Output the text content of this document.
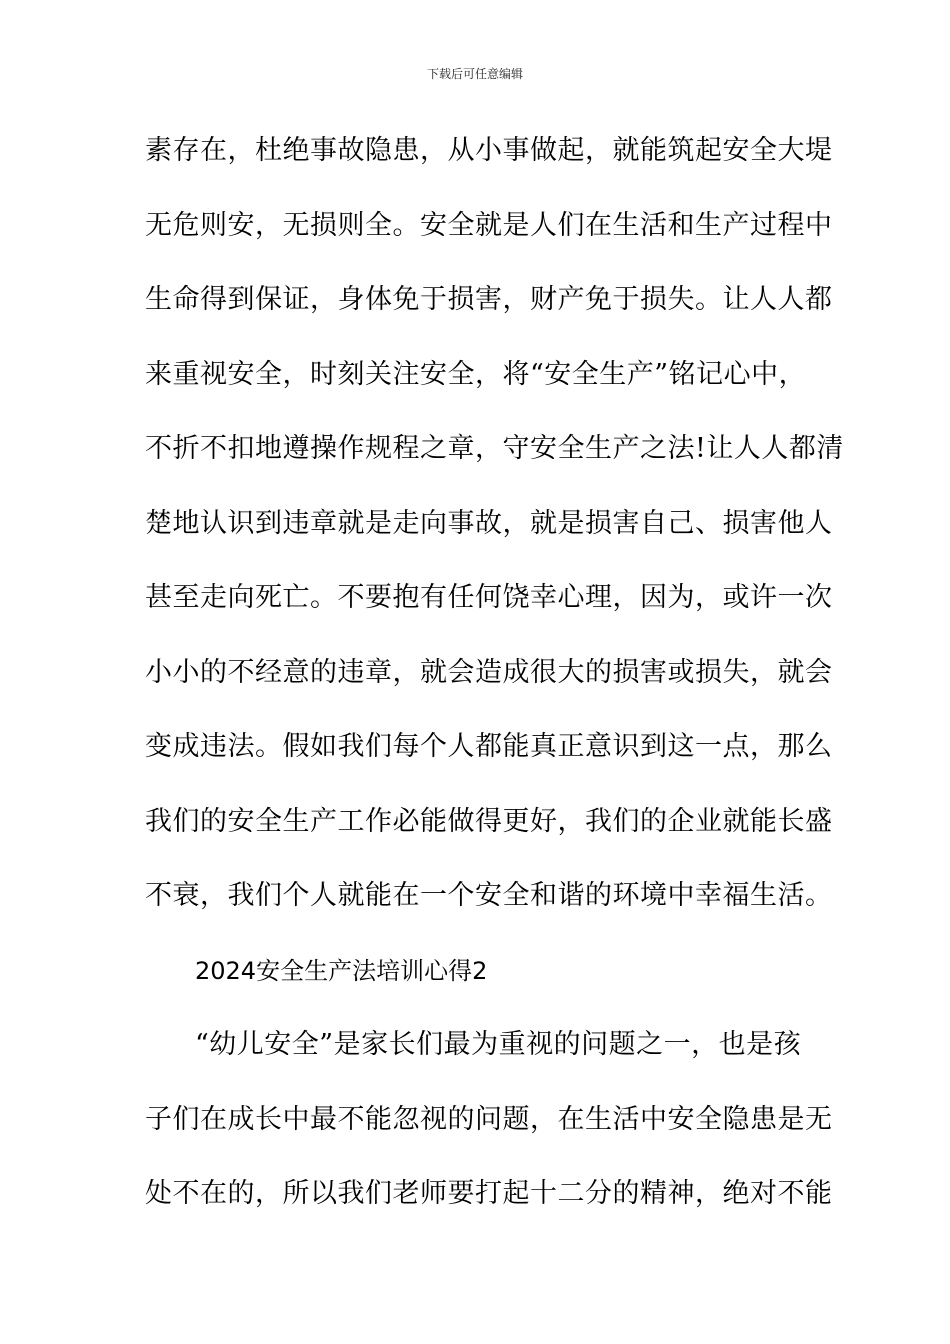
下载后可任意编辑
素存在，杜绝事故隐患，从小事做起，就能筑起安全大堤
无危则安，无损则全。安全就是人们在生活和生产过程中
生命得到保证，身体免于损害，财产免于损失。让人人都
来重视安全，时刻关注安全，将“安全生产”铭记心中，
不折不扣地遵操作规程之章，守安全生产之法!让人人都清
楚地认识到违章就是走向事故，就是损害自己、损害他人
甚至走向死亡。不要抱有任何饶幸心理，因为，或许一次
小小的不经意的违章，就会造成很大的损害或损失，就会
变成违法。假如我们每个人都能真正意识到这一点，那么
我们的安全生产工作必能做得更好，我们的企业就能长盛
不衰，我们个人就能在一个安全和谐的环境中幸福生活。
2024安全生产法培训心得2
“幼儿安全”是家长们最为重视的问题之一，也是孩
子们在成长中最不能忽视的问题，在生活中安全隐患是无
处不在的，所以我们老师要打起十二分的精神，绝对不能
